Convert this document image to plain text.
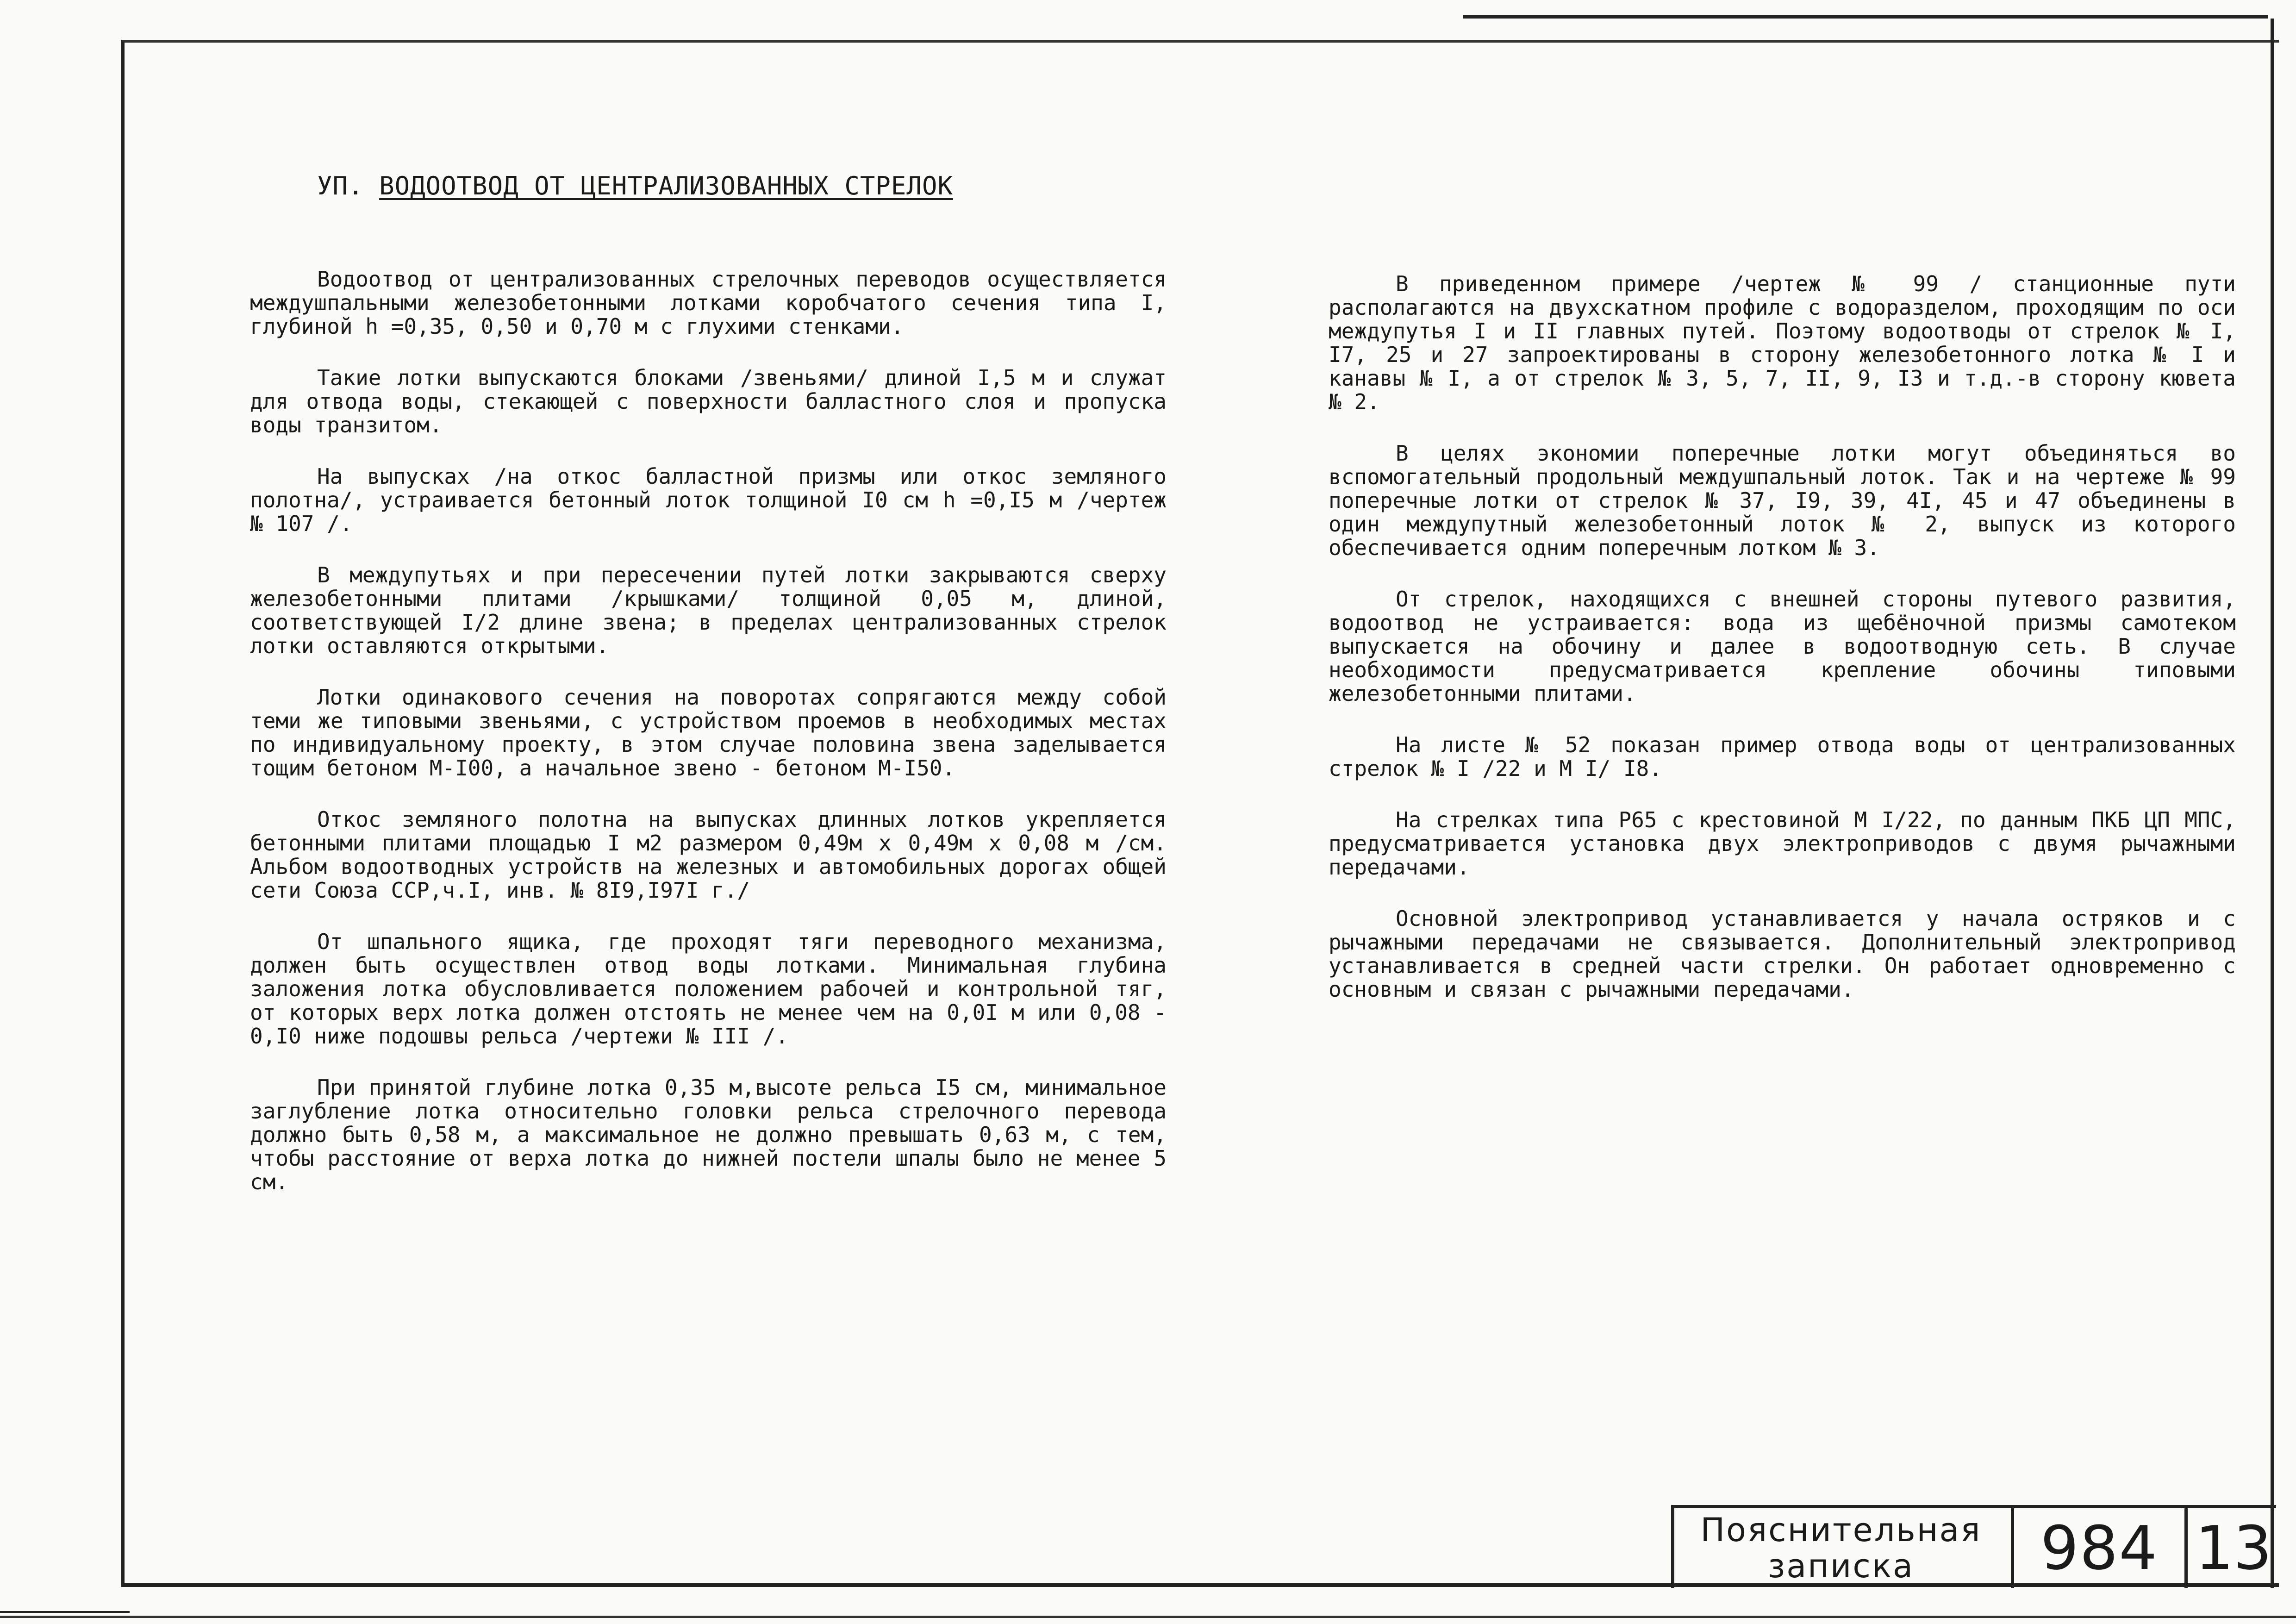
УП. ВОДООТВОД ОТ ЦЕНТРАЛИЗОВАННЫХ СТРЕЛОК

Водоотвод от централизованных стрелочных переводов осуществляется междушпальными железобетонными лотками коробчатого сечения типа I, глубиной h =0,35, 0,50 и 0,70 м с глухими стенками.

Такие лотки выпускаются блоками /звеньями/ длиной I,5 м и служат для отвода воды, стекающей с поверхности балластного слоя и пропуска воды транзитом.

На выпусках /на откос балластной призмы или откос земляного полотна/, устраивается бетонный лоток толщиной I0 см h =0,I5 м /чертеж № 107 /.

В междупутьях и при пересечении путей лотки закрываются сверху железобетонными плитами /крышками/ толщиной 0,05 м, длиной, соответствующей I/2 длине звена; в пределах централизованных стрелок лотки оставляются открытыми.

Лотки одинакового сечения на поворотах сопрягаются между собой теми же типовыми звеньями, с устройством проемов в необходимых местах по индивидуальному проекту, в этом случае половина звена заделывается тощим бетоном М-I00, а начальное звено - бетоном М-I50.

Откос земляного полотна на выпусках длинных лотков укрепляется бетонными плитами площадью I м2 размером 0,49м х 0,49м х 0,08 м /см. Альбом водоотводных устройств на железных и автомобильных дорогах общей сети Союза ССР,ч.I, инв. № 8I9,I97I г./

От шпального ящика, где проходят тяги переводного механизма, должен быть осуществлен отвод воды лотками. Минимальная глубина заложения лотка обусловливается положением рабочей и контрольной тяг, от которых верх лотка должен отстоять не менее чем на 0,0I м или 0,08 - 0,I0 ниже подошвы рельса /чертежи № III /.

При принятой глубине лотка 0,35 м,высоте рельса I5 см, минимальное заглубление лотка относительно головки рельса стрелочного перевода должно быть 0,58 м, а максимальное не должно превышать 0,63 м, с тем, чтобы расстояние от верха лотка до нижней постели шпалы было не менее 5 см.

В приведенном примере /чертеж № 99 / станционные пути располагаются на двухскатном профиле с водоразделом, проходящим по оси междупутья I и II главных путей. Поэтому водоотводы от стрелок № I, I7, 25 и 27 запроектированы в сторону железобетонного лотка № I и канавы № I, а от стрелок № 3, 5, 7, II, 9, I3 и т.д.-в сторону кювета № 2.

В целях экономии поперечные лотки могут объединяться во вспомогательный продольный междушпальный лоток. Так и на чертеже № 99 поперечные лотки от стрелок № 37, I9, 39, 4I, 45 и 47 объединены в один междупутный железобетонный лоток № 2, выпуск из которого обеспечивается одним поперечным лотком № 3.

От стрелок, находящихся с внешней стороны путевого развития, водоотвод не устраивается: вода из щебёночной призмы самотеком выпускается на обочину и далее в водоотводную сеть. В случае необходимости предусматривается крепление обочины типовыми железобетонными плитами.

На листе № 52 показан пример отвода воды от централизованных стрелок № I /22 и М I/ I8.

На стрелках типа Р65 с крестовиной М I/22, по данным ПКБ ЦП МПС, предусматривается установка двух электроприводов с двумя рычажными передачами.

Основной электропривод устанавливается у начала остряков и с рычажными передачами не связывается. Дополнительный электропривод устанавливается в средней части стрелки. Он работает одновременно с основным и связан с рычажными передачами.

Пояснительная
записка 984 13
